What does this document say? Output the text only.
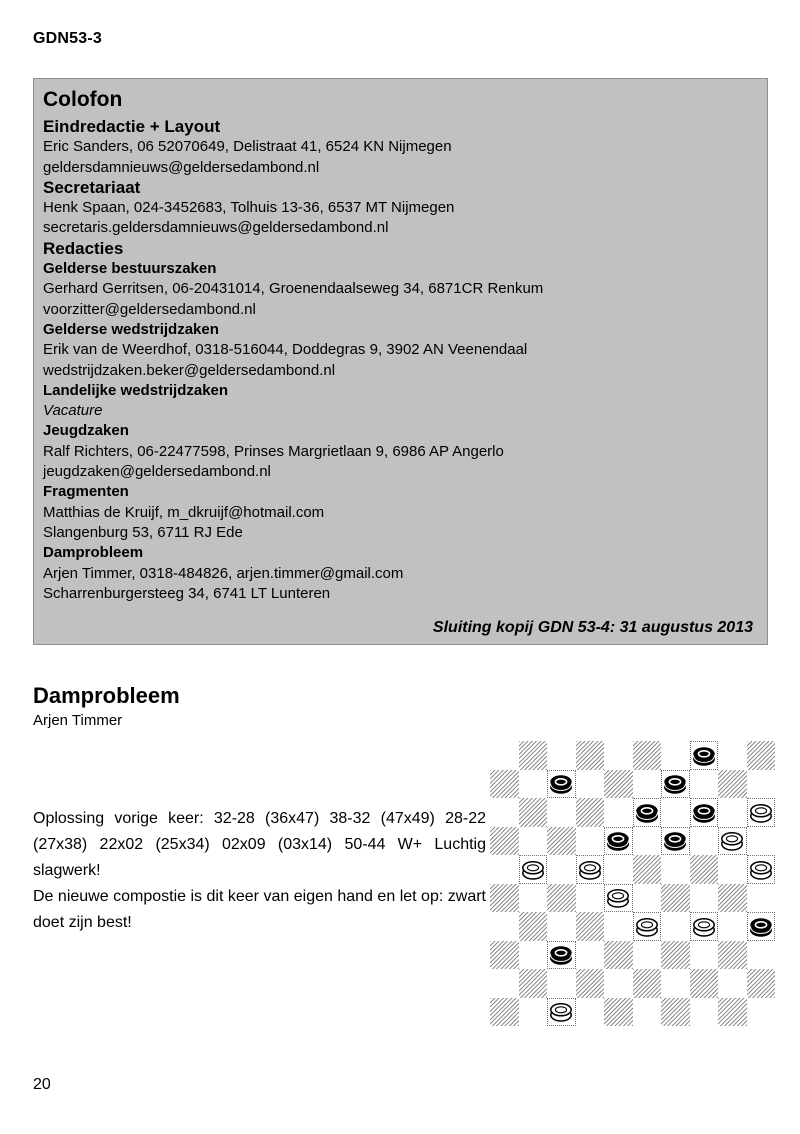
GDN53-3
Colofon
Eindredactie + Layout
Eric Sanders, 06 52070649, Delistraat 41, 6524 KN Nijmegen
geldersdamnieuws@geldersedambond.nl
Secretariaat
Henk Spaan, 024-3452683, Tolhuis 13-36, 6537 MT Nijmegen
secretaris.geldersdamnieuws@geldersedambond.nl
Redacties
Gelderse bestuurszaken
Gerhard Gerritsen, 06-20431014, Groenendaalseweg 34, 6871CR Renkum
voorzitter@geldersedambond.nl
Gelderse wedstrijdzaken
Erik van de Weerdhof, 0318-516044, Doddegras 9, 3902 AN Veenendaal
wedstrijdzaken.beker@geldersedambond.nl
Landelijke wedstrijdzaken
Vacature
Jeugdzaken
Ralf Richters, 06-22477598, Prinses Margrietlaan 9, 6986 AP Angerlo
jeugdzaken@geldersedambond.nl
Fragmenten
Matthias de Kruijf, m_dkruijf@hotmail.com
Slangenburg 53, 6711 RJ Ede
Damprobleem
Arjen Timmer, 0318-484826, arjen.timmer@gmail.com
Scharrenburgersteeg 34, 6741 LT Lunteren
Sluiting kopij GDN 53-4: 31 augustus 2013
Damprobleem
Arjen Timmer

Oplossing vorige keer: 32-28 (36x47) 38-32 (47x49) 28-22 (27x38) 22x02 (25x34) 02x09 (03x14) 50-44 W+ Luchtig slagwerk!

De nieuwe compostie is dit keer van eigen hand en let op: zwart doet zijn best!

20
